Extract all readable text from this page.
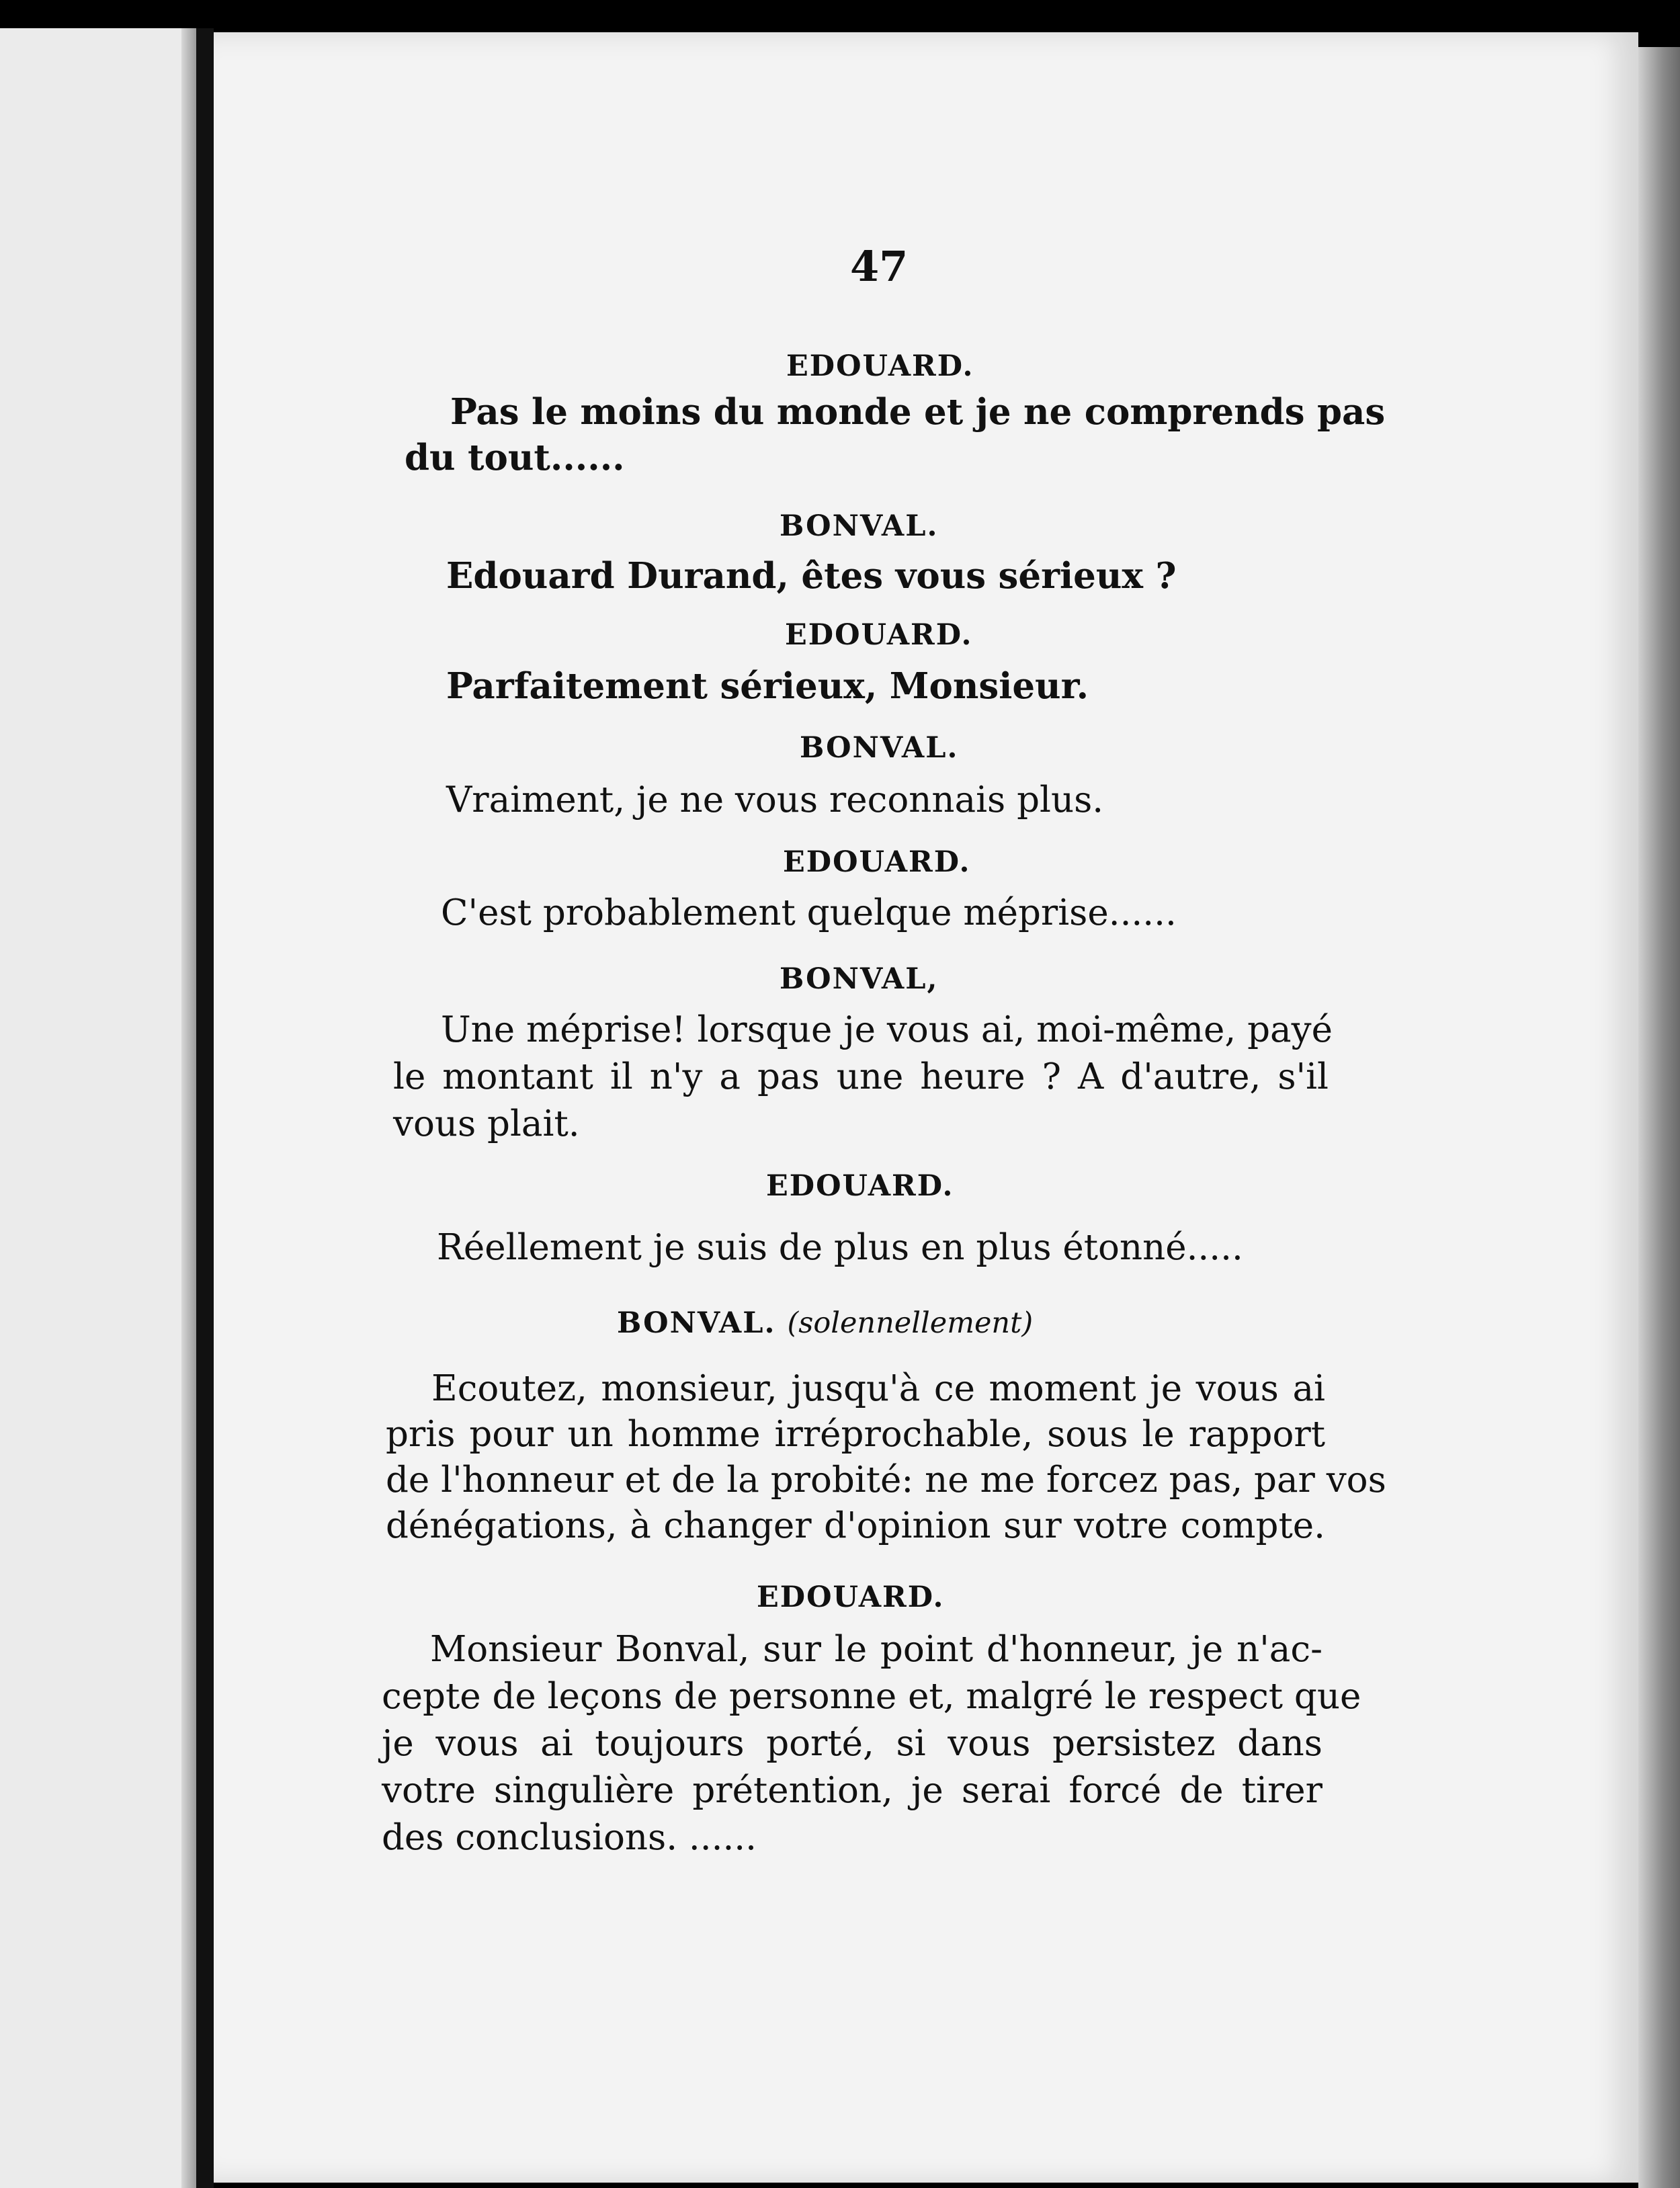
47
EDOUARD.
Pas le moins du monde et je ne comprends pas
du tout......
BONVAL.
Edouard Durand, êtes vous sérieux ?
EDOUARD.
Parfaitement sérieux, Monsieur.
BONVAL.
Vraiment, je ne vous reconnais plus.
EDOUARD.
C'est probablement quelque méprise......
BONVAL,
Une méprise! lorsque je vous ai, moi-même, payé
le montant il n'y a pas une heure ? A d'autre, s'il
vous plait.
EDOUARD.
Réellement je suis de plus en plus étonné.....
BONVAL. (solennellement)
Ecoutez, monsieur, jusqu'à ce moment je vous ai
pris pour un homme irréprochable, sous le rapport
de l'honneur et de la probité: ne me forcez pas, par vos
dénégations, à changer d'opinion sur votre compte.
EDOUARD.
Monsieur Bonval, sur le point d'honneur, je n'ac-
cepte de leçons de personne et, malgré le respect que
je vous ai toujours porté, si vous persistez dans
votre singulière prétention, je serai forcé de tirer
des conclusions. ......
